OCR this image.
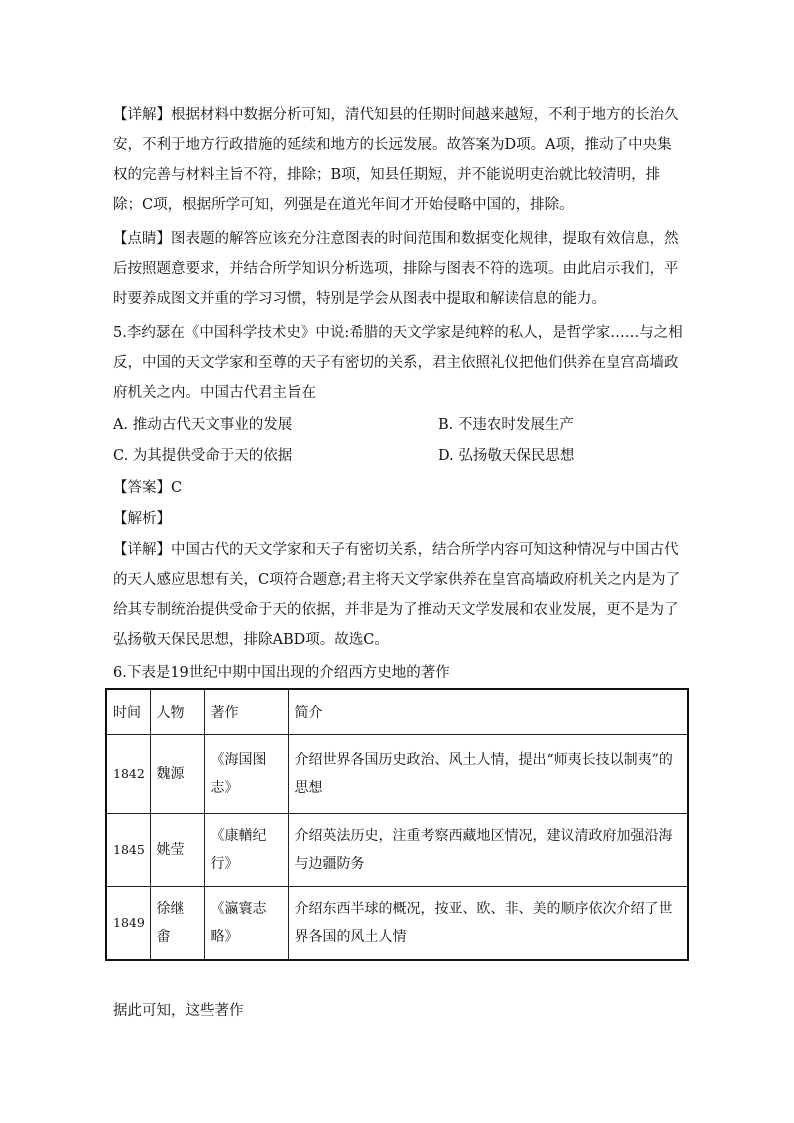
【详解】根据材料中数据分析可知，清代知县的任期时间越来越短，不利于地方的长治久安，不利于地方行政措施的延续和地方的长远发展。故答案为D项。A项，推动了中央集权的完善与材料主旨不符，排除；B项，知县任期短，并不能说明吏治就比较清明，排除；C项，根据所学可知，列强是在道光年间才开始侵略中国的，排除。

【点睛】图表题的解答应该充分注意图表的时间范围和数据变化规律，提取有效信息，然后按照题意要求，并结合所学知识分析选项，排除与图表不符的选项。由此启示我们，平时要养成图文并重的学习习惯，特别是学会从图表中提取和解读信息的能力。

5.李约瑟在《中国科学技术史》中说:希腊的天文学家是纯粹的私人，是哲学家……与之相反，中国的天文学家和至尊的天子有密切的关系，君主依照礼仪把他们供养在皇宫高墙政府机关之内。中国古代君主旨在

A. 推动古代天文事业的发展	B. 不违农时发展生产
C. 为其提供受命于天的依据	D. 弘扬敬天保民思想
【答案】C
【解析】

【详解】中国古代的天文学家和天子有密切关系，结合所学内容可知这种情况与中国古代的天人感应思想有关，C项符合题意;君主将天文学家供养在皇宫高墙政府机关之内是为了给其专制统治提供受命于天的依据，并非是为了推动天文学发展和农业发展，更不是为了弘扬敬天保民思想，排除ABD项。故选C。

6.下表是19世纪中期中国出现的介绍西方史地的著作

时间	人物	著作	简介
1842	魏源	《海国图志》	介绍世界各国历史政治、风土人情，提出“师夷长技以制夷”的思想
1845	姚莹	《康輶纪行》	介绍英法历史，注重考察西藏地区情况，建议清政府加强沿海与边疆防务
1849	徐继畬	《瀛寰志略》	介绍东西半球的概况，按亚、欧、非、美的顺序依次介绍了世界各国的风土人情

据此可知，这些著作
